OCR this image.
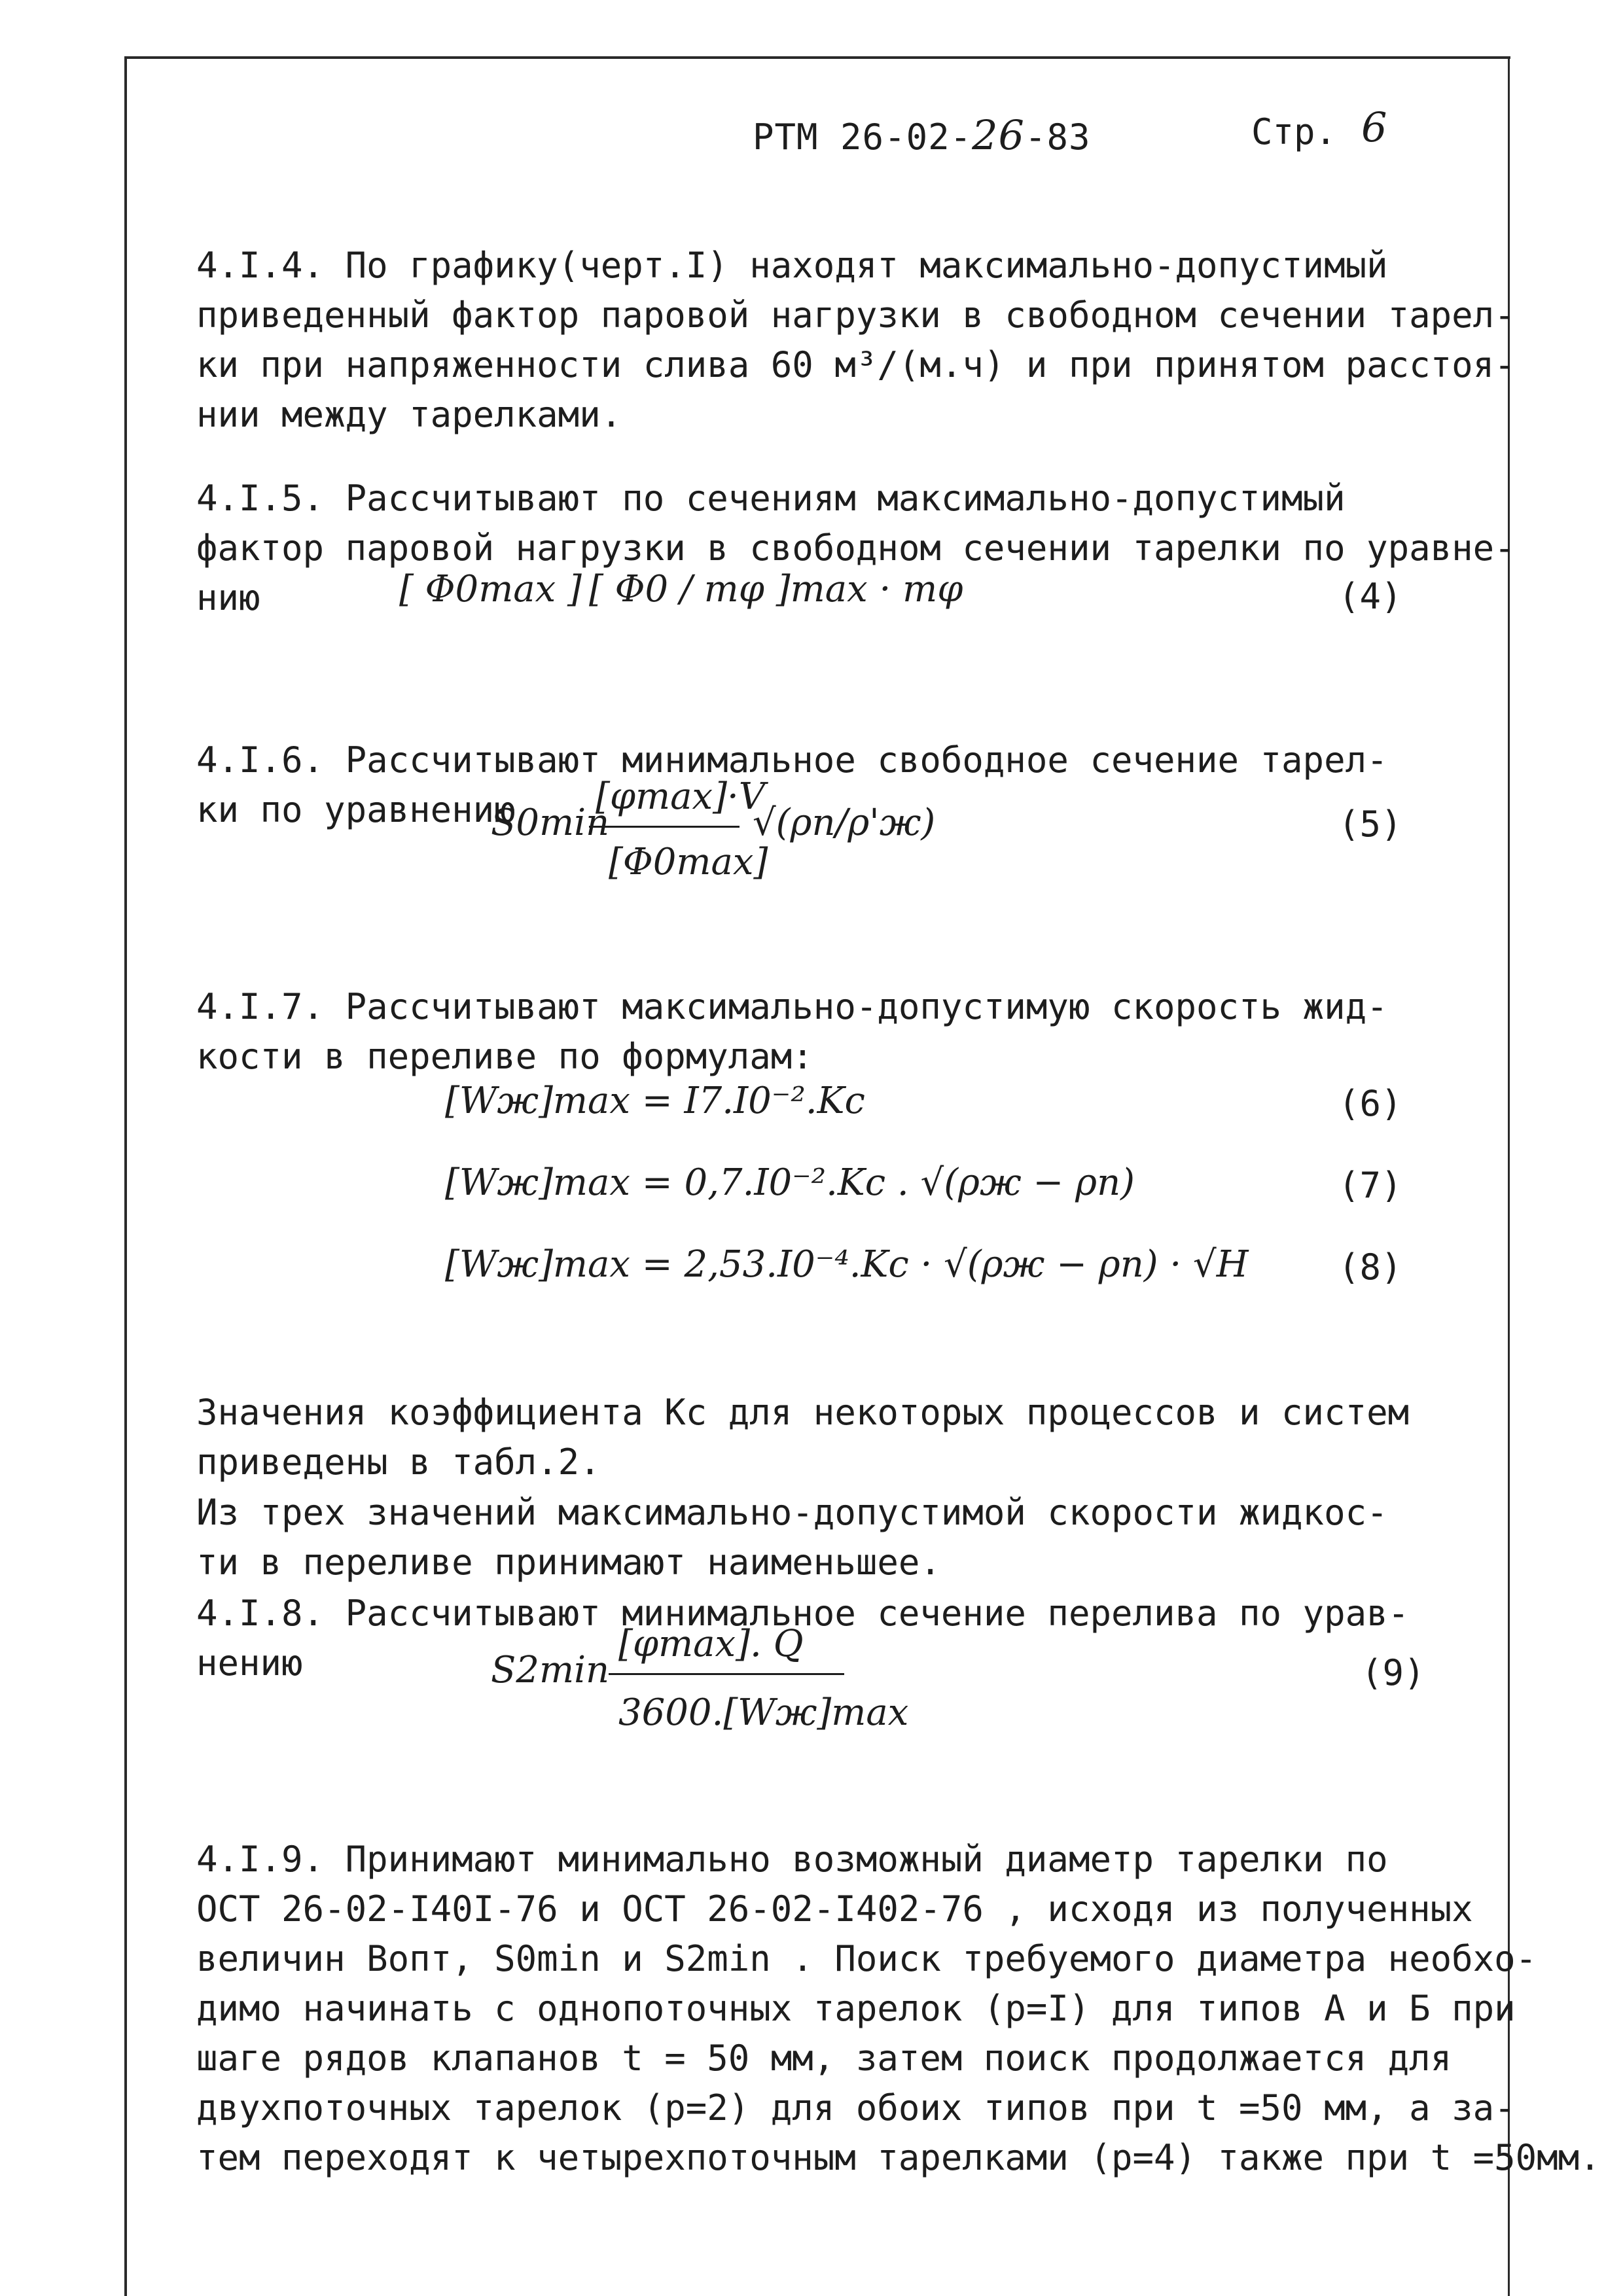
РТМ 26-02-26-83	Стр. 6

4.I.4. По графику(черт.I) находят максимально-допустимый
приведенный фактор паровой нагрузки в свободном сечении тарел-
ки при напряженности слива 60 м³/(м.ч) и при принятом расстоя-
нии между тарелками.

4.I.5. Рассчитывают по сечениям максимально-допустимый
фактор паровой нагрузки в свободном сечении тарелки по уравне-
нию	[ Φ0max ] [ Φ0 / mφ ]max · mφ	(4)

4.I.6. Рассчитывают минимальное свободное сечение тарел-
ки по уравнению

S0min
[φmax]·V
[Φ0max]
√(ρп/ρ'ж)	(5)

4.I.7. Рассчитывают максимально-допустимую скорость жид-
кости в переливе по формулам:

[Wж]max = I7.I0⁻².Kc	(6)
[Wж]max = 0,7.I0⁻².Kc . √(ρж − ρп)	(7)
[Wж]max = 2,53.I0⁻⁴.Kc · √(ρж − ρп) · √H	(8)

Значения коэффициента Kc для некоторых процессов и систем
приведены в табл.2.

Из трех значений максимально-допустимой скорости жидкос-
ти в переливе принимают наименьшее.

4.I.8. Рассчитывают минимальное сечение перелива по урав-
нению	S2min
[φmax]. Q
3600.[Wж]max
(9)

4.I.9. Принимают минимально возможный диаметр тарелки по
ОСТ 26-02-I40I-76 и ОСТ 26-02-I402-76 , исходя из полученных
величин Bопт, S0min и S2min . Поиск требуемого диаметра необхо-
димо начинать с однопоточных тарелок (p=I) для типов А и Б при
шаге рядов клапанов t = 50 мм, затем поиск продолжается для
двухпоточных тарелок (p=2) для обоих типов при t =50 мм, а за-
тем переходят к четырехпоточным тарелками (p=4) также при t =50мм.
